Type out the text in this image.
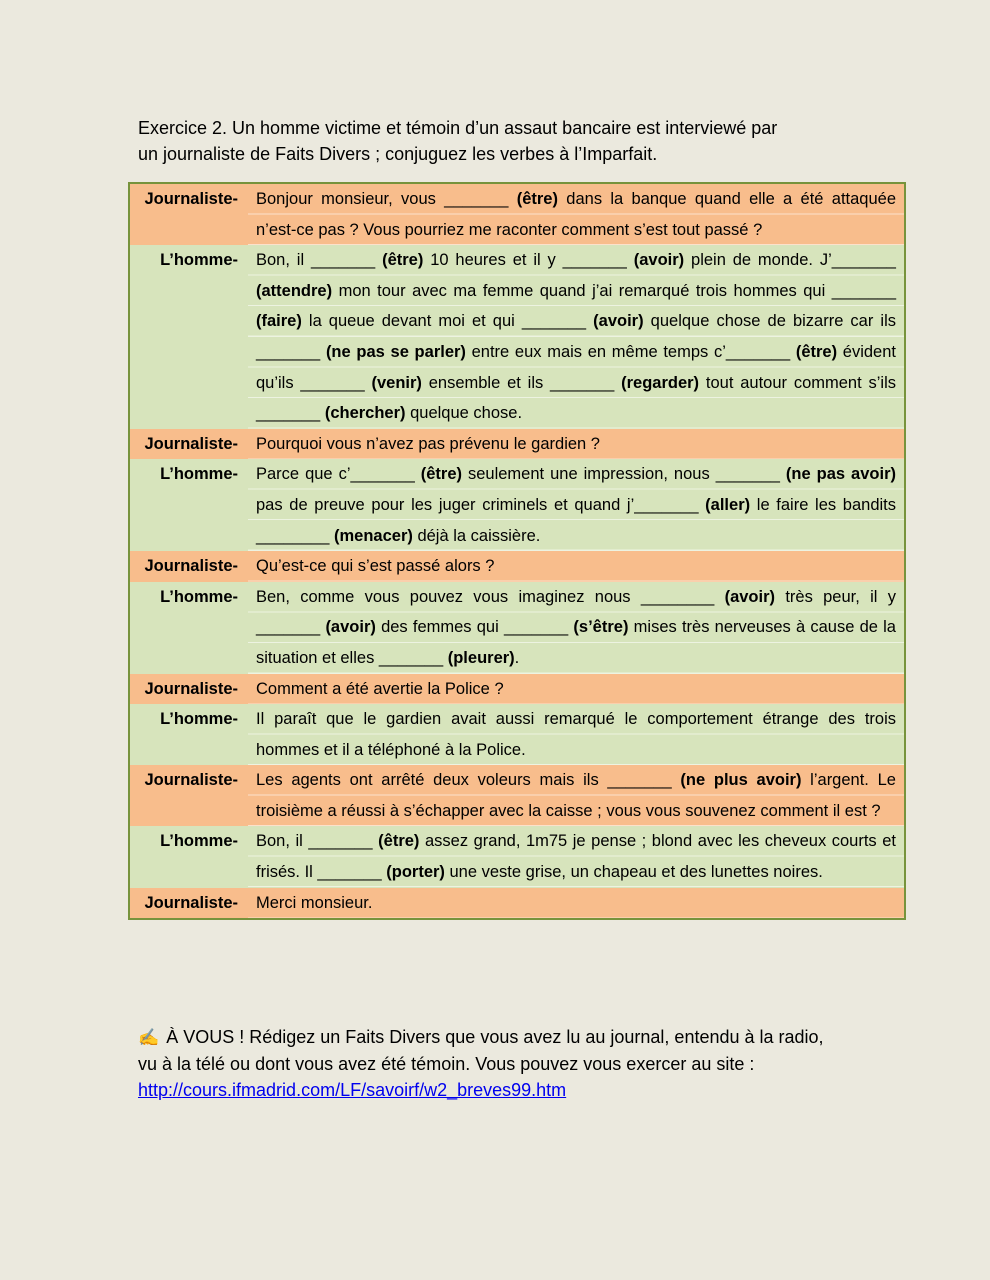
Exercice 2. Un homme victime et témoin d’un assaut bancaire est interviewé par
un journaliste de Faits Divers ; conjuguez les verbes à l’Imparfait.
Journaliste-	Bonjour monsieur, vous _______ (être) dans la banque quand elle a été attaquée n’est-ce pas ? Vous pourriez me raconter comment s’est tout passé ?
L’homme-	Bon, il _______ (être) 10 heures et il y _______ (avoir) plein de monde. J’_______ (attendre) mon tour avec ma femme quand j’ai remarqué trois hommes qui _______ (faire) la queue devant moi et qui _______ (avoir) quelque chose de bizarre car ils _______ (ne pas se parler) entre eux mais en même temps c’_______ (être) évident qu’ils _______ (venir) ensemble et ils _______ (regarder) tout autour comment s’ils _______ (chercher) quelque chose.
Journaliste-	Pourquoi vous n’avez pas prévenu le gardien ?
L’homme-	Parce que c’_______ (être) seulement une impression, nous _______ (ne pas avoir) pas de preuve pour les juger criminels et quand j’_______ (aller) le faire les bandits ________ (menacer) déjà la caissière.
Journaliste-	Qu’est-ce qui s’est passé alors ?
L’homme-	Ben, comme vous pouvez vous imaginez nous ________ (avoir) très peur, il y _______ (avoir) des femmes qui _______ (s’être) mises très nerveuses à cause de la situation et elles _______ (pleurer).
Journaliste-	Comment a été avertie la Police ?
L’homme-	Il paraît que le gardien avait aussi remarqué le comportement étrange des trois hommes et il a téléphoné à la Police.
Journaliste-	Les agents ont arrêté deux voleurs mais ils _______ (ne plus avoir) l’argent. Le troisième a réussi à s’échapper avec la caisse ; vous vous souvenez comment il est ?
L’homme-	Bon, il _______ (être) assez grand, 1m75 je pense ; blond avec les cheveux courts et frisés. Il _______ (porter) une veste grise, un chapeau et des lunettes noires.
Journaliste-	Merci monsieur.
✍ À VOUS ! Rédigez un Faits Divers que vous avez lu au journal, entendu à la radio, vu à la télé ou dont vous avez été témoin. Vous pouvez vous exercer au site : http://cours.ifmadrid.com/LF/savoirf/w2_breves99.htm
